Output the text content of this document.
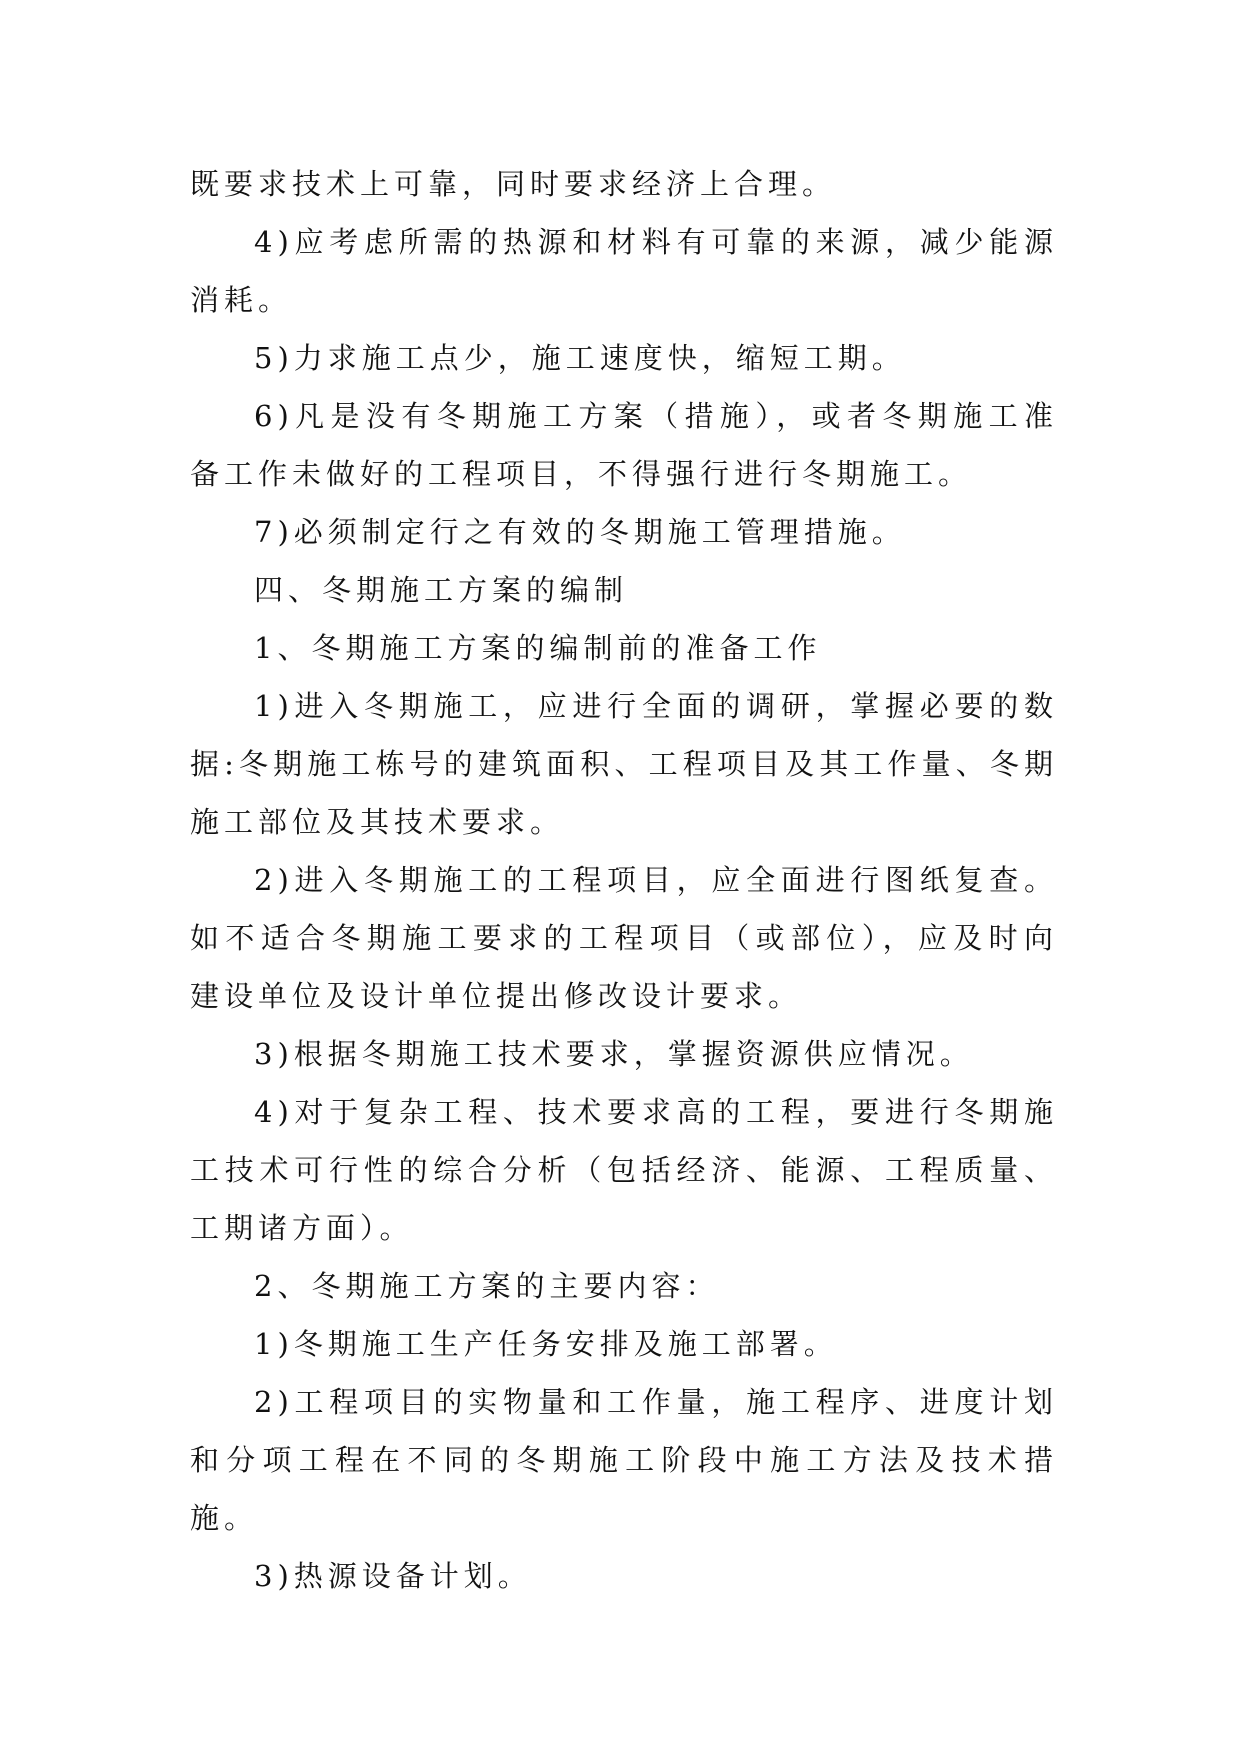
既要求技术上可靠，同时要求经济上合理。

4)应考虑所需的热源和材料有可靠的来源，减少能源消耗。

5)力求施工点少，施工速度快，缩短工期。

6)凡是没有冬期施工方案（措施），或者冬期施工准备工作未做好的工程项目，不得强行进行冬期施工。

7)必须制定行之有效的冬期施工管理措施。

四、冬期施工方案的编制

1、冬期施工方案的编制前的准备工作

1)进入冬期施工，应进行全面的调研，掌握必要的数据:冬期施工栋号的建筑面积、工程项目及其工作量、冬期施工部位及其技术要求。

2)进入冬期施工的工程项目，应全面进行图纸复查。如不适合冬期施工要求的工程项目（或部位），应及时向建设单位及设计单位提出修改设计要求。

3)根据冬期施工技术要求，掌握资源供应情况。

4)对于复杂工程、技术要求高的工程，要进行冬期施工技术可行性的综合分析（包括经济、能源、工程质量、工期诸方面）。

2、冬期施工方案的主要内容：

1)冬期施工生产任务安排及施工部署。

2)工程项目的实物量和工作量，施工程序、进度计划和分项工程在不同的冬期施工阶段中施工方法及技术措施。

3)热源设备计划。
